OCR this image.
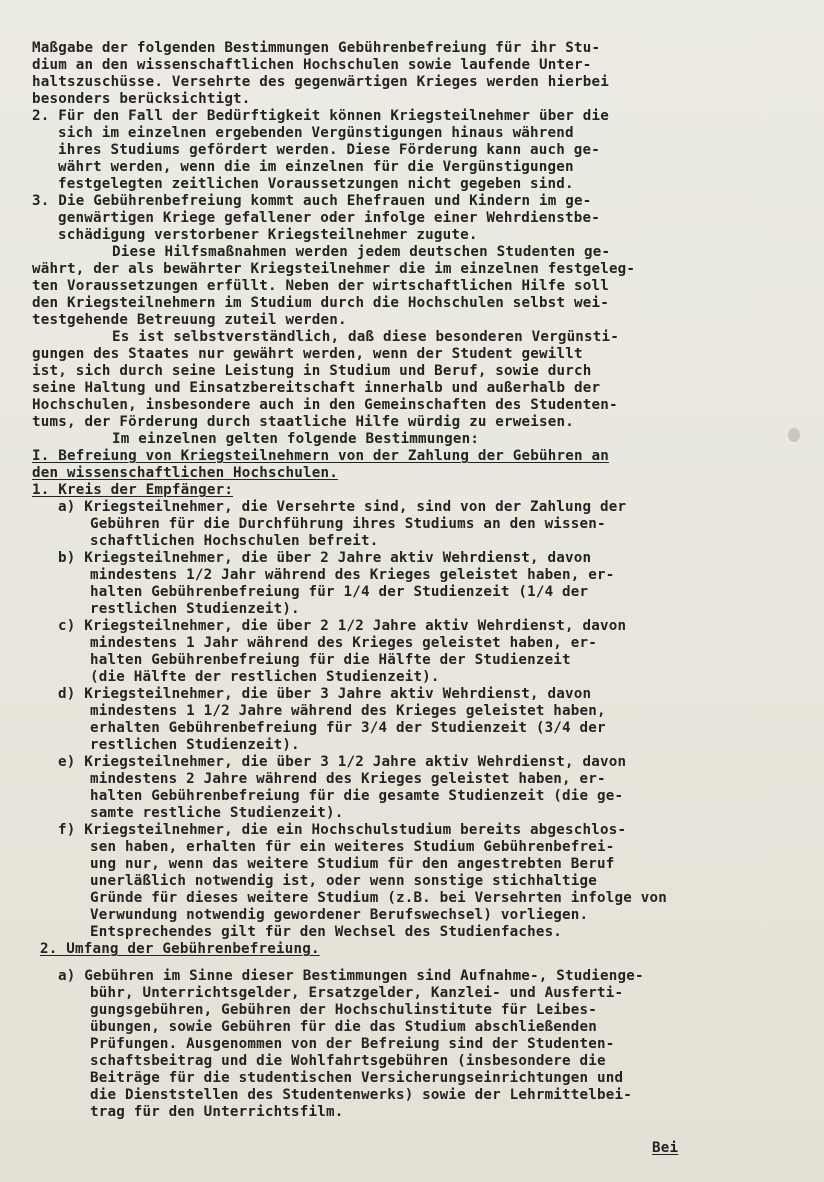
Maßgabe der folgenden Bestimmungen Gebührenbefreiung für ihr Stu-
dium an den wissenschaftlichen Hochschulen sowie laufende Unter-
haltszuschüsse. Versehrte des gegenwärtigen Krieges werden hierbei
besonders berücksichtigt.
2. Für den Fall der Bedürftigkeit können Kriegsteilnehmer über die
sich im einzelnen ergebenden Vergünstigungen hinaus während
ihres Studiums gefördert werden. Diese Förderung kann auch ge-
währt werden, wenn die im einzelnen für die Vergünstigungen
festgelegten zeitlichen Voraussetzungen nicht gegeben sind.
3. Die Gebührenbefreiung kommt auch Ehefrauen und Kindern im ge-
genwärtigen Kriege gefallener oder infolge einer Wehrdienstbe-
schädigung verstorbener Kriegsteilnehmer zugute.
Diese Hilfsmaßnahmen werden jedem deutschen Studenten ge-
währt, der als bewährter Kriegsteilnehmer die im einzelnen festgeleg-
ten Voraussetzungen erfüllt. Neben der wirtschaftlichen Hilfe soll
den Kriegsteilnehmern im Studium durch die Hochschulen selbst wei-
testgehende Betreuung zuteil werden.
Es ist selbstverständlich, daß diese besonderen Vergünsti-
gungen des Staates nur gewährt werden, wenn der Student gewillt
ist, sich durch seine Leistung in Studium und Beruf, sowie durch
seine Haltung und Einsatzbereitschaft innerhalb und außerhalb der
Hochschulen, insbesondere auch in den Gemeinschaften des Studenten-
tums, der Förderung durch staatliche Hilfe würdig zu erweisen.
Im einzelnen gelten folgende Bestimmungen:
I. Befreiung von Kriegsteilnehmern von der Zahlung der Gebühren an
den wissenschaftlichen Hochschulen.
1. Kreis der Empfänger:
a) Kriegsteilnehmer, die Versehrte sind, sind von der Zahlung der
Gebühren für die Durchführung ihres Studiums an den wissen-
schaftlichen Hochschulen befreit.
b) Kriegsteilnehmer, die über 2 Jahre aktiv Wehrdienst, davon
mindestens 1/2 Jahr während des Krieges geleistet haben, er-
halten Gebührenbefreiung für 1/4 der Studienzeit (1/4 der
restlichen Studienzeit).
c) Kriegsteilnehmer, die über 2 1/2 Jahre aktiv Wehrdienst, davon
mindestens 1 Jahr während des Krieges geleistet haben, er-
halten Gebührenbefreiung für die Hälfte der Studienzeit
(die Hälfte der restlichen Studienzeit).
d) Kriegsteilnehmer, die über 3 Jahre aktiv Wehrdienst, davon
mindestens 1 1/2 Jahre während des Krieges geleistet haben,
erhalten Gebührenbefreiung für 3/4 der Studienzeit (3/4 der
restlichen Studienzeit).
e) Kriegsteilnehmer, die über 3 1/2 Jahre aktiv Wehrdienst, davon
mindestens 2 Jahre während des Krieges geleistet haben, er-
halten Gebührenbefreiung für die gesamte Studienzeit (die ge-
samte restliche Studienzeit).
f) Kriegsteilnehmer, die ein Hochschulstudium bereits abgeschlos-
sen haben, erhalten für ein weiteres Studium Gebührenbefrei-
ung nur, wenn das weitere Studium für den angestrebten Beruf
unerläßlich notwendig ist, oder wenn sonstige stichhaltige
Gründe für dieses weitere Studium (z.B. bei Versehrten infolge von
Verwundung notwendig gewordener Berufswechsel) vorliegen.
Entsprechendes gilt für den Wechsel des Studienfaches.
2. Umfang der Gebührenbefreiung.
a) Gebühren im Sinne dieser Bestimmungen sind Aufnahme-, Studienge-
bühr, Unterrichtsgelder, Ersatzgelder, Kanzlei- und Ausferti-
gungsgebühren, Gebühren der Hochschulinstitute für Leibes-
übungen, sowie Gebühren für die das Studium abschließenden
Prüfungen. Ausgenommen von der Befreiung sind der Studenten-
schaftsbeitrag und die Wohlfahrtsgebühren (insbesondere die
Beiträge für die studentischen Versicherungseinrichtungen und
die Dienststellen des Studentenwerks) sowie der Lehrmittelbei-
trag für den Unterrichtsfilm.
Bei
